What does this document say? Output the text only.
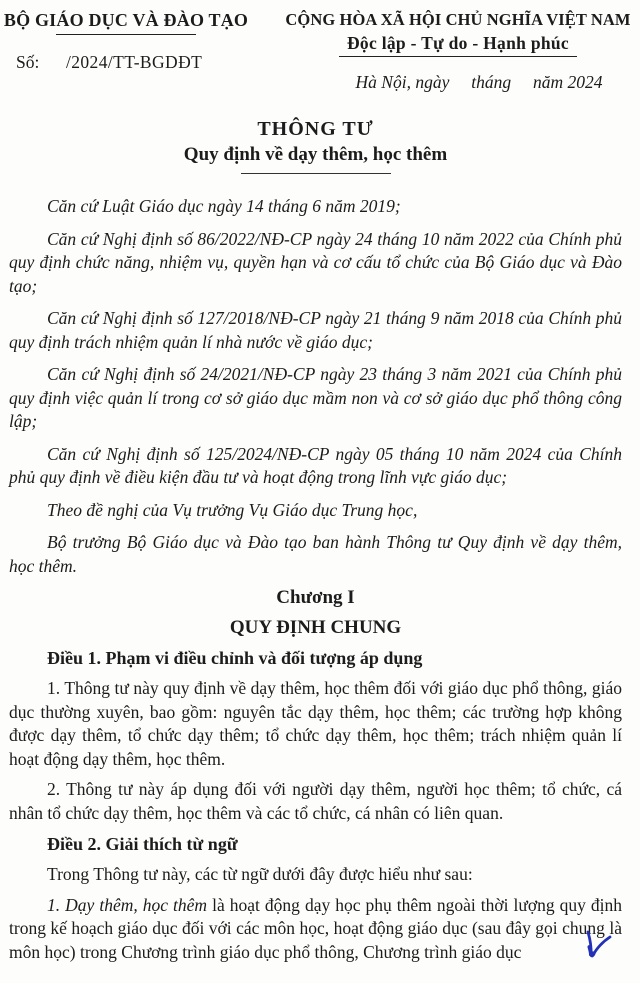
BỘ GIÁO DỤC VÀ ĐÀO TẠO
Số: /2024/TT-BGDĐT
CỘNG HÒA XÃ HỘI CHỦ NGHĨA VIỆT NAM
Độc lập - Tự do - Hạnh phúc
Hà Nội, ngày     tháng     năm 2024
THÔNG TƯ
Quy định về dạy thêm, học thêm

Căn cứ Luật Giáo dục ngày 14 tháng 6 năm 2019;

Căn cứ Nghị định số 86/2022/NĐ-CP ngày 24 tháng 10 năm 2022 của Chính phủ quy định chức năng, nhiệm vụ, quyền hạn và cơ cấu tổ chức của Bộ Giáo dục và Đào tạo;

Căn cứ Nghị định số 127/2018/NĐ-CP ngày 21 tháng 9 năm 2018 của Chính phủ quy định trách nhiệm quản lí nhà nước về giáo dục;

Căn cứ Nghị định số 24/2021/NĐ-CP ngày 23 tháng 3 năm 2021 của Chính phủ quy định việc quản lí trong cơ sở giáo dục mầm non và cơ sở giáo dục phổ thông công lập;

Căn cứ Nghị định số 125/2024/NĐ-CP ngày 05 tháng 10 năm 2024 của Chính phủ quy định về điều kiện đầu tư và hoạt động trong lĩnh vực giáo dục;

Theo đề nghị của Vụ trưởng Vụ Giáo dục Trung học,

Bộ trưởng Bộ Giáo dục và Đào tạo ban hành Thông tư Quy định về dạy thêm, học thêm.

Chương I
QUY ĐỊNH CHUNG

Điều 1. Phạm vi điều chỉnh và đối tượng áp dụng

1. Thông tư này quy định về dạy thêm, học thêm đối với giáo dục phổ thông, giáo dục thường xuyên, bao gồm: nguyên tắc dạy thêm, học thêm; các trường hợp không được dạy thêm, tổ chức dạy thêm; tổ chức dạy thêm, học thêm; trách nhiệm quản lí hoạt động dạy thêm, học thêm.

2. Thông tư này áp dụng đối với người dạy thêm, người học thêm; tổ chức, cá nhân tổ chức dạy thêm, học thêm và các tổ chức, cá nhân có liên quan.

Điều 2. Giải thích từ ngữ

Trong Thông tư này, các từ ngữ dưới đây được hiểu như sau:

1. Dạy thêm, học thêm là hoạt động dạy học phụ thêm ngoài thời lượng quy định trong kế hoạch giáo dục đối với các môn học, hoạt động giáo dục (sau đây gọi chung là môn học) trong Chương trình giáo dục phổ thông, Chương trình giáo dục
